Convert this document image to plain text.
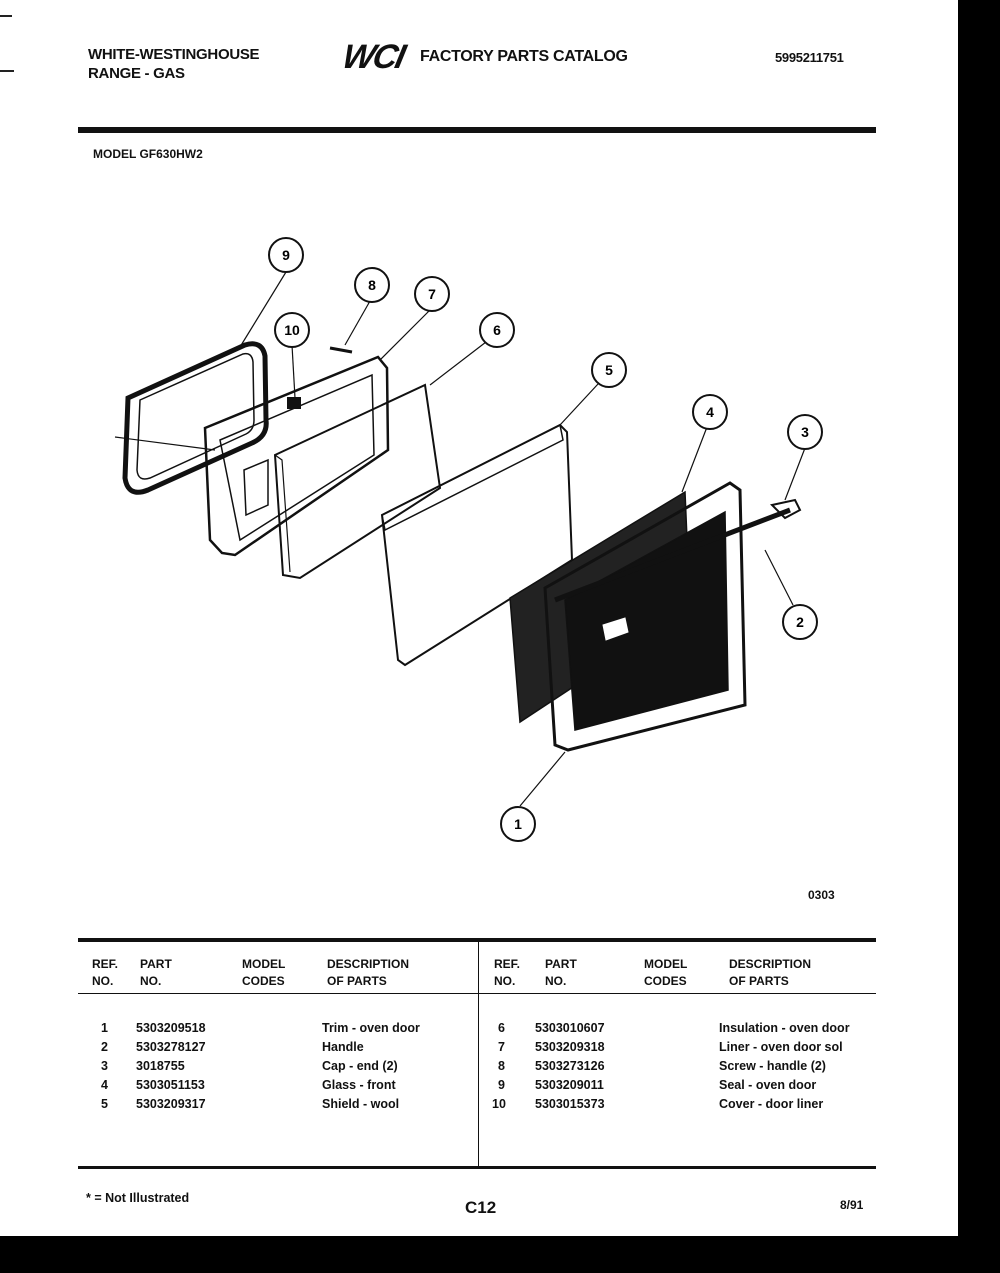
WHITE-WESTINGHOUSE
RANGE - GAS	WCI FACTORY PARTS CATALOG	5995211751
MODEL GF630HW2
9
8
7
10	6
5
4
3
2
1
0303
REF.
NO.
PART
NO.
MODEL
CODES
DESCRIPTION
OF PARTS
REF.
NO.
PART
NO.
MODEL
CODES
DESCRIPTION
OF PARTS
1 5303209518	Trim - oven door
2 5303278127	Handle
3 3018755	Cap - end (2)
4 5303051153	Glass - front
5 5303209317	Shield - wool
6 5303010607	Insulation - oven door
7 5303209318	Liner - oven door sol
8 5303273126	Screw - handle (2)
9 5303209011	Seal - oven door
10 5303015373	Cover - door liner
* = Not Illustrated	C12	8/91
